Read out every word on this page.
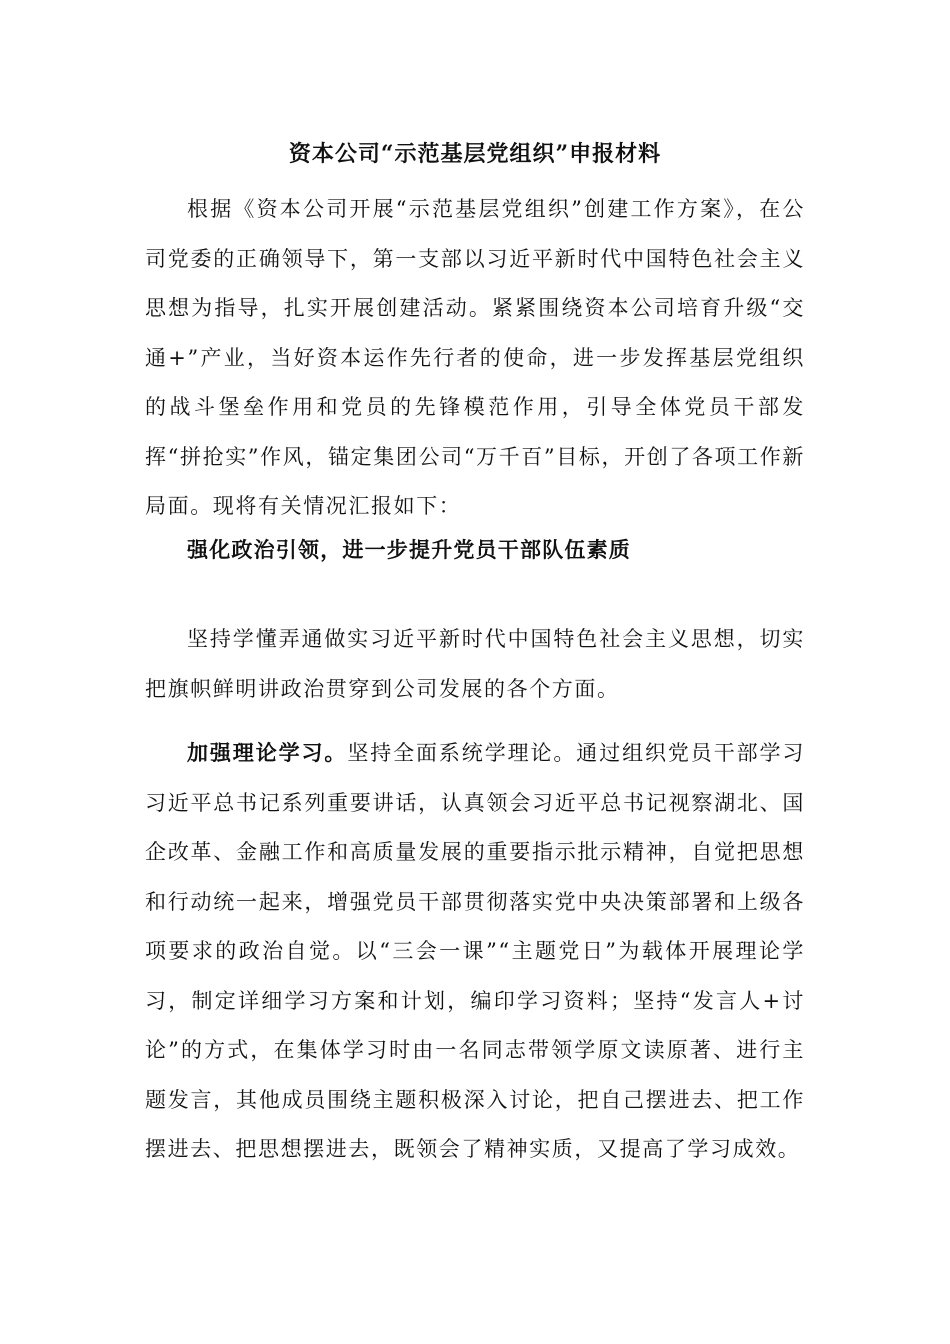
资本公司“示范基层党组织”申报材料

根据《资本公司开展“示范基层党组织”创建工作方案》，在公司党委的正确领导下，第一支部以习近平新时代中国特色社会主义思想为指导，扎实开展创建活动。紧紧围绕资本公司培育升级“交通+”产业，当好资本运作先行者的使命，进一步发挥基层党组织的战斗堡垒作用和党员的先锋模范作用，引导全体党员干部发挥“拼抢实”作风，锚定集团公司“万千百”目标，开创了各项工作新局面。现将有关情况汇报如下：

强化政治引领，进一步提升党员干部队伍素质

坚持学懂弄通做实习近平新时代中国特色社会主义思想，切实把旗帜鲜明讲政治贯穿到公司发展的各个方面。

加强理论学习。坚持全面系统学理论。通过组织党员干部学习习近平总书记系列重要讲话，认真领会习近平总书记视察湖北、国企改革、金融工作和高质量发展的重要指示批示精神，自觉把思想和行动统一起来，增强党员干部贯彻落实党中央决策部署和上级各项要求的政治自觉。以“三会一课”“主题党日”为载体开展理论学习，制定详细学习方案和计划，编印学习资料；坚持“发言人+讨论”的方式，在集体学习时由一名同志带领学原文读原著、进行主题发言，其他成员围绕主题积极深入讨论，把自己摆进去、把工作摆进去、把思想摆进去，既领会了精神实质，又提高了学习成效。
